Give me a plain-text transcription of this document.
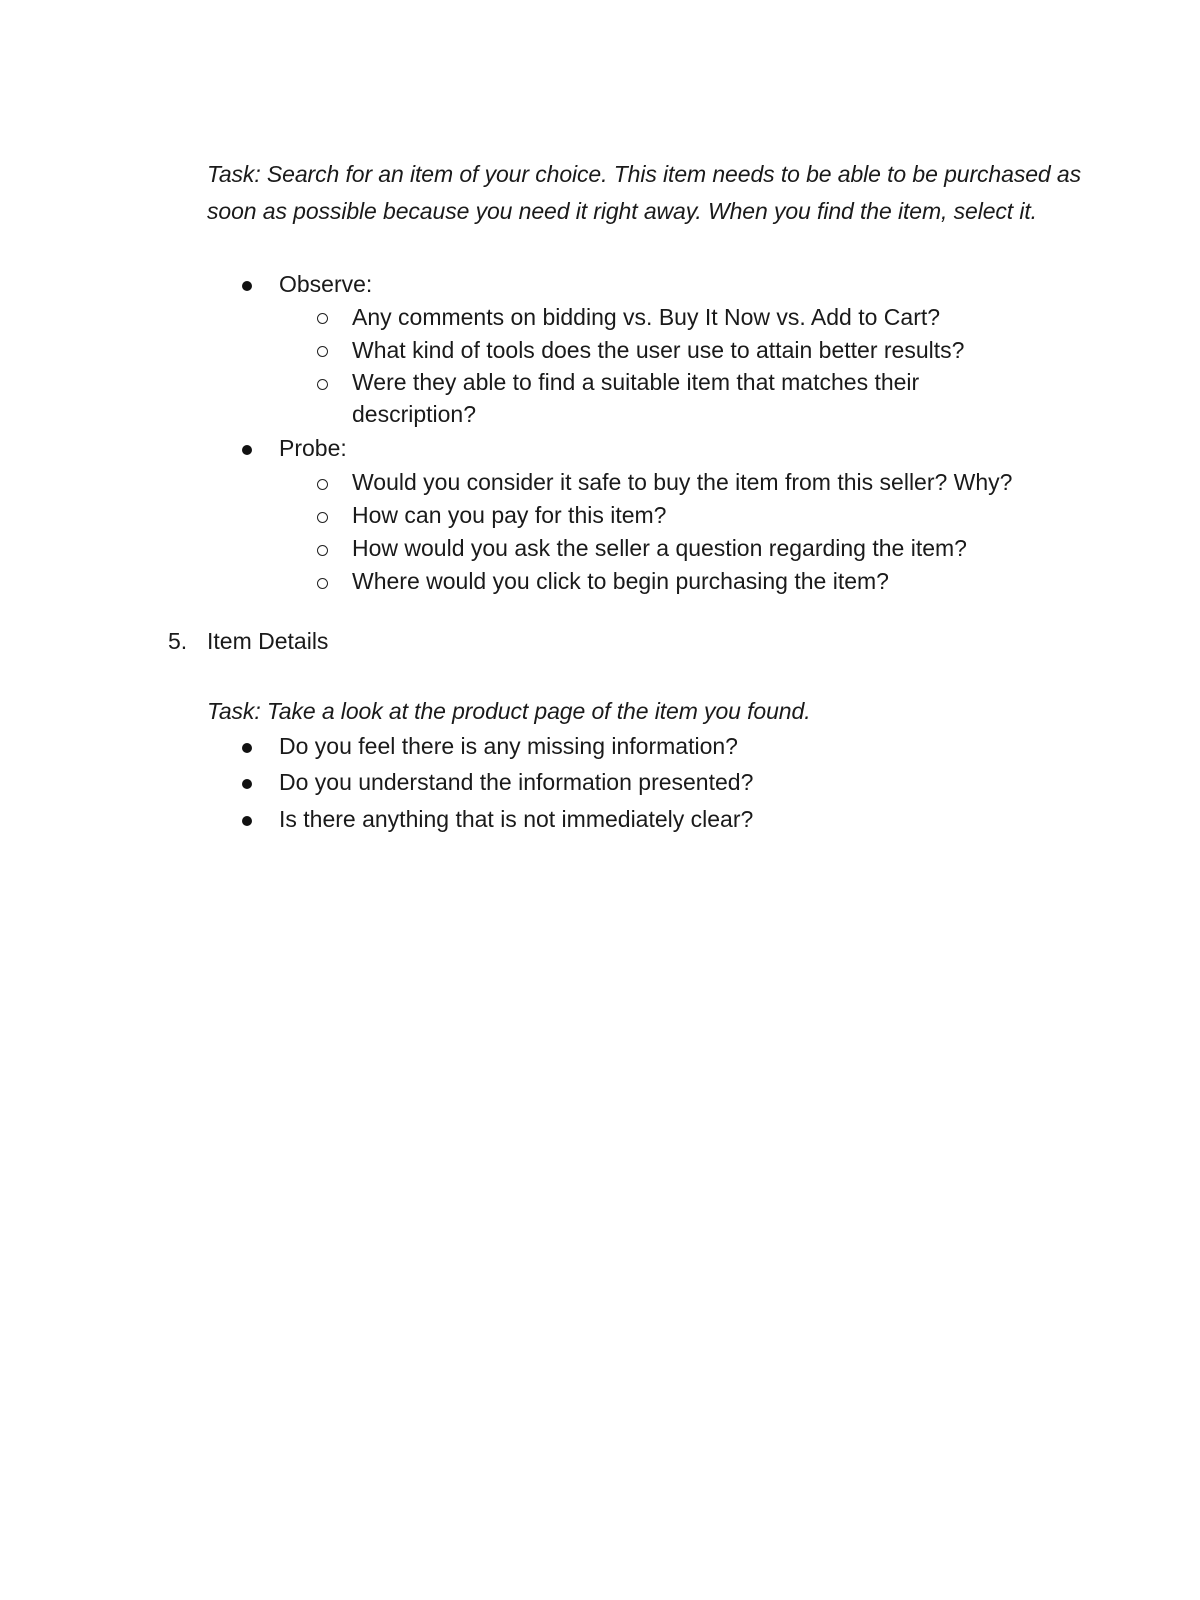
Task: Search for an item of your choice. This item needs to be able to be purchased as soon as possible because you need it right away. When you find the item, select it.

Observe:

Any comments on bidding vs. Buy It Now vs. Add to Cart?

What kind of tools does the user use to attain better results?

Were they able to find a suitable item that matches their

description?

Probe:

Would you consider it safe to buy the item from this seller? Why?

How can you pay for this item?

How would you ask the seller a question regarding the item?

Where would you click to begin purchasing the item?

5. Item Details

Task: Take a look at the product page of the item you found.

Do you feel there is any missing information?

Do you understand the information presented?

Is there anything that is not immediately clear?
